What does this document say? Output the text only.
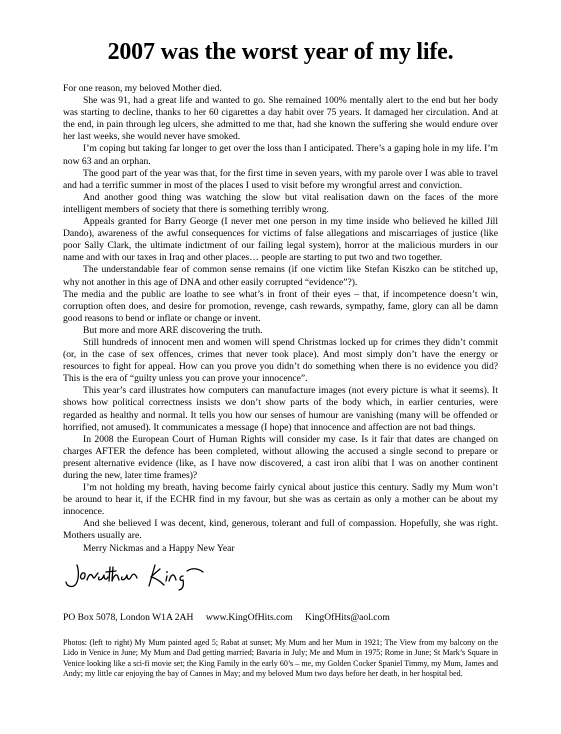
2007 was the worst year of my life.

For one reason, my beloved Mother died.

She was 91, had a great life and wanted to go. She remained 100% mentally alert to the end but her body was starting to decline, thanks to her 60 cigarettes a day habit over 75 years. It damaged her circulation. And at the end, in pain through leg ulcers, she admitted to me that, had she known the suffering she would endure over her last weeks, she would never have smoked.

I’m coping but taking far longer to get over the loss than I anticipated. There’s a gaping hole in my life. I’m now 63 and an orphan.

The good part of the year was that, for the first time in seven years, with my parole over I was able to travel and had a terrific summer in most of the places I used to visit before my wrongful arrest and conviction.

And another good thing was watching the slow but vital realisation dawn on the faces of the more intelligent members of society that there is something terribly wrong.

Appeals granted for Barry George (I never met one person in my time inside who believed he killed Jill Dando), awareness of the awful consequences for victims of false allegations and miscarriages of justice (like poor Sally Clark, the ultimate indictment of our failing legal system), horror at the malicious murders in our name and with our taxes in Iraq and other places… people are starting to put two and two together.

The understandable fear of common sense remains (if one victim like Stefan Kiszko can be stitched up, why not another in this age of DNA and other easily corrupted “evidence”?).

The media and the public are loathe to see what’s in front of their eyes – that, if incompetence doesn’t win, corruption often does, and desire for promotion, revenge, cash rewards, sympathy, fame, glory can all be damn good reasons to bend or inflate or change or invent.

But more and more ARE discovering the truth.

Still hundreds of innocent men and women will spend Christmas locked up for crimes they didn’t commit (or, in the case of sex offences, crimes that never took place). And most simply don’t have the energy or resources to fight for appeal. How can you prove you didn’t do something when there is no evidence you did? This is the era of “guilty unless you can prove your innocence”.

This year’s card illustrates how computers can manufacture images (not every picture is what it seems). It shows how political correctness insists we don’t show parts of the body which, in earlier centuries, were regarded as healthy and normal. It tells you how our senses of humour are vanishing (many will be offended or horrified, not amused). It communicates a message (I hope) that innocence and affection are not bad things.

In 2008 the European Court of Human Rights will consider my case. Is it fair that dates are changed on charges AFTER the defence has been completed, without allowing the accused a single second to prepare or present alternative evidence (like, as I have now discovered, a cast iron alibi that I was on another continent during the new, later time frames)?

I’m not holding my breath, having become fairly cynical about justice this century. Sadly my Mum won’t be around to hear it, if the ECHR find in my favour, but she was as certain as only a mother can be about my innocence.

And she believed I was decent, kind, generous, tolerant and full of compassion. Hopefully, she was right. Mothers usually are.

Merry Nickmas and a Happy New Year

PO Box 5078, London W1A 2AH www.KingOfHits.com KingOfHits@aol.com

Photos: (left to right) My Mum painted aged 5; Rabat at sunset; My Mum and her Mum in 1921; The View from my balcony on the Lido in Venice in June; My Mum and Dad getting married; Bavaria in July; Me and Mum in 1975; Rome in June; St Mark’s Square in Venice looking like a sci-fi movie set; the King Family in the early 60’s – me, my Golden Cocker Spaniel Timmy, my Mum, James and Andy; my little car enjoying the bay of Cannes in May; and my beloved Mum two days before her death, in her hospital bed.
